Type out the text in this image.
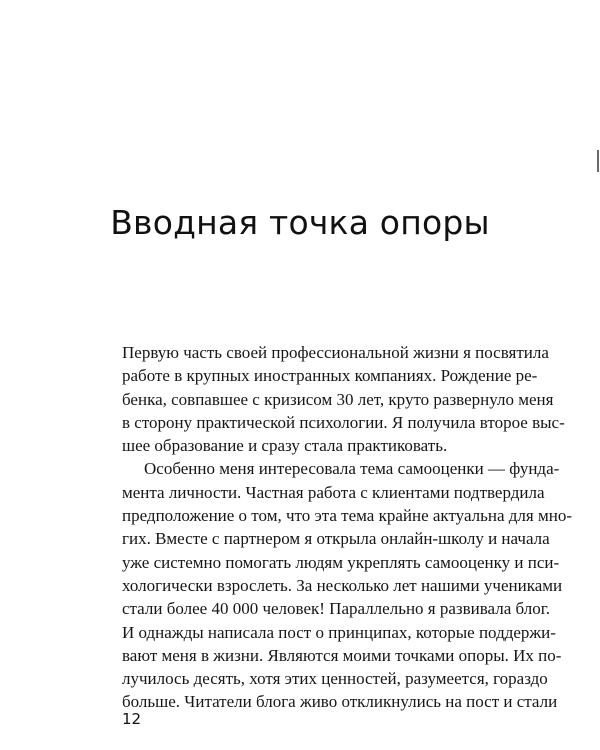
Вводная точка опоры
Первую часть своей профессиональной жизни я посвятила
работе в крупных иностранных компаниях. Рождение ре-
бенка, совпавшее с кризисом 30 лет, круто развернуло меня
в сторону практической психологии. Я получила второе выс-
шее образование и сразу стала практиковать.
Особенно меня интересовала тема самооценки — фунда-
мента личности. Частная работа с клиентами подтвердила
предположение о том, что эта тема крайне актуальна для мно-
гих. Вместе с партнером я открыла онлайн-школу и начала
уже системно помогать людям укреплять самооценку и пси-
хологически взрослеть. За несколько лет нашими учениками
стали более 40 000 человек! Параллельно я развивала блог.
И однажды написала пост о принципах, которые поддержи-
вают меня в жизни. Являются моими точками опоры. Их по-
лучилось десять, хотя этих ценностей, разумеется, гораздо
больше. Читатели блога живо откликнулись на пост и стали
12
